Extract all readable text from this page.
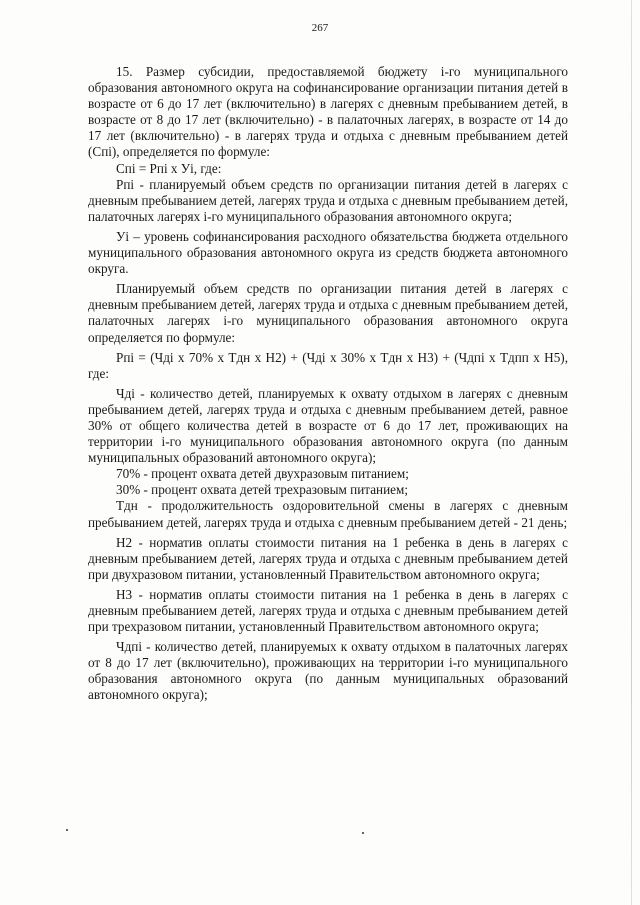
267

15. Размер субсидии, предоставляемой бюджету i-го муниципального образования автономного округа на софинансирование организации питания детей в возрасте от 6 до 17 лет (включительно) в лагерях с дневным пребыванием детей, в возрасте от 8 до 17 лет (включительно) - в палаточных лагерях, в возрасте от 14 до 17 лет (включительно) - в лагерях труда и отдыха с дневным пребыванием детей (Cпi), определяется по формуле:

Cпi = Pпi x Уi, где:

Рпi - планируемый объем средств по организации питания детей в лагерях с дневным пребыванием детей, лагерях труда и отдыха с дневным пребыванием детей, палаточных лагерях i-го муниципального образования автономного округа;

Уi – уровень софинансирования расходного обязательства бюджета отдельного муниципального образования автономного округа из средств бюджета автономного округа.

Планируемый объем средств по организации питания детей в лагерях с дневным пребыванием детей, лагерях труда и отдыха с дневным пребыванием детей, палаточных лагерях i-го муниципального образования автономного округа определяется по формуле:

Рпi = (Чдi x 70% x Тдн x Н2) + (Чдi x 30% x Тдн x Н3) + (Чдпi x Тдпп x Н5), где:

Чдi - количество детей, планируемых к охвату отдыхом в лагерях с дневным пребыванием детей, лагерях труда и отдыха с дневным пребыванием детей, равное 30% от общего количества детей в возрасте от 6 до 17 лет, проживающих на территории i-го муниципального образования автономного округа (по данным муниципальных образований автономного округа);

70% - процент охвата детей двухразовым питанием;

30% - процент охвата детей трехразовым питанием;

Тдн - продолжительность оздоровительной смены в лагерях с дневным пребыванием детей, лагерях труда и отдыха с дневным пребыванием детей - 21 день;

Н2 - норматив оплаты стоимости питания на 1 ребенка в день в лагерях с дневным пребыванием детей, лагерях труда и отдыха с дневным пребыванием детей при двухразовом питании, установленный Правительством автономного округа;

Н3 - норматив оплаты стоимости питания на 1 ребенка в день в лагерях с дневным пребыванием детей, лагерях труда и отдыха с дневным пребыванием детей при трехразовом питании, установленный Правительством автономного округа;

Чдпi - количество детей, планируемых к охвату отдыхом в палаточных лагерях от 8 до 17 лет (включительно), проживающих на территории i-го муниципального образования автономного округа (по данным муниципальных образований автономного округа);
